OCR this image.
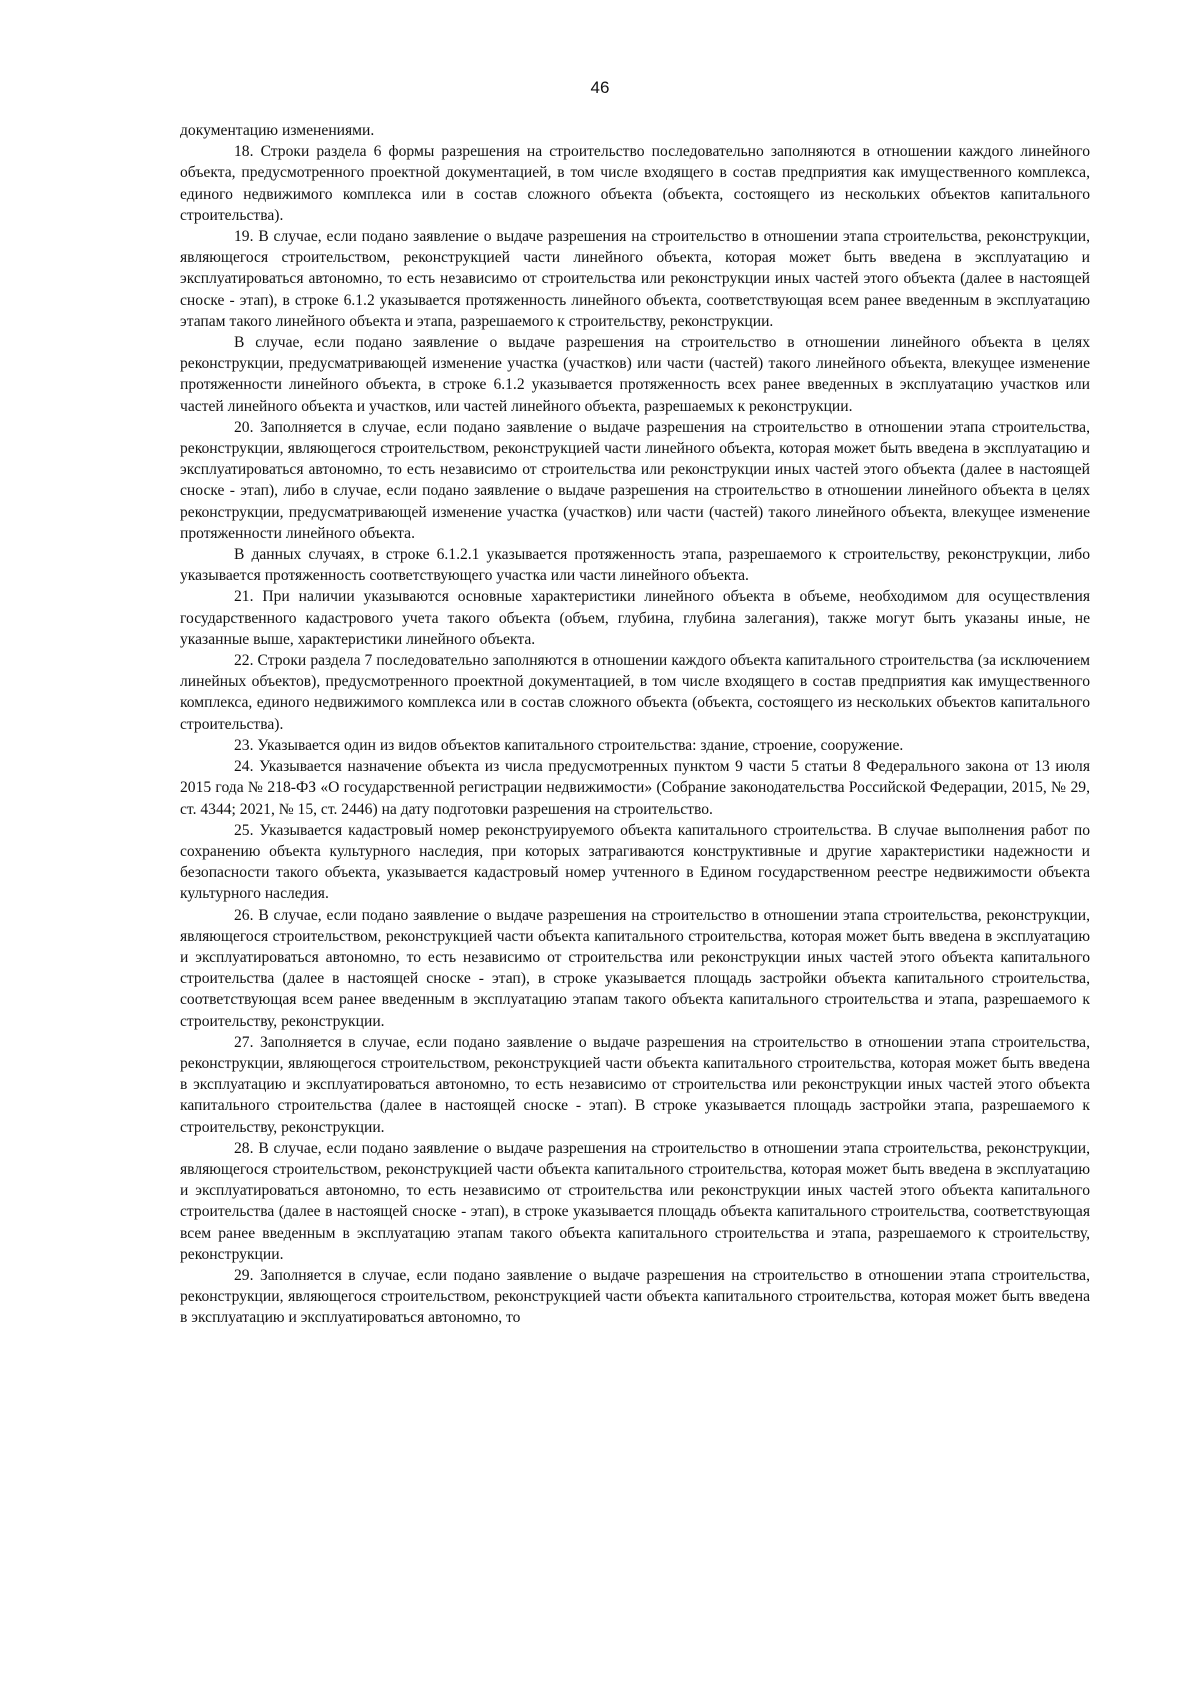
46

документацию изменениями.

18. Строки раздела 6 формы разрешения на строительство последовательно заполняются в отношении каждого линейного объекта, предусмотренного проектной документацией, в том числе входящего в состав предприятия как имущественного комплекса, единого недвижимого комплекса или в состав сложного объекта (объекта, состоящего из нескольких объектов капитального строительства).

19. В случае, если подано заявление о выдаче разрешения на строительство в отношении этапа строительства, реконструкции, являющегося строительством, реконструкцией части линейного объекта, которая может быть введена в эксплуатацию и эксплуатироваться автономно, то есть независимо от строительства или реконструкции иных частей этого объекта (далее в настоящей сноске - этап), в строке 6.1.2 указывается протяженность линейного объекта, соответствующая всем ранее введенным в эксплуатацию этапам такого линейного объекта и этапа, разрешаемого к строительству, реконструкции.

В случае, если подано заявление о выдаче разрешения на строительство в отношении линейного объекта в целях реконструкции, предусматривающей изменение участка (участков) или части (частей) такого линейного объекта, влекущее изменение протяженности линейного объекта, в строке 6.1.2 указывается протяженность всех ранее введенных в эксплуатацию участков или частей линейного объекта и участков, или частей линейного объекта, разрешаемых к реконструкции.

20. Заполняется в случае, если подано заявление о выдаче разрешения на строительство в отношении этапа строительства, реконструкции, являющегося строительством, реконструкцией части линейного объекта, которая может быть введена в эксплуатацию и эксплуатироваться автономно, то есть независимо от строительства или реконструкции иных частей этого объекта (далее в настоящей сноске - этап), либо в случае, если подано заявление о выдаче разрешения на строительство в отношении линейного объекта в целях реконструкции, предусматривающей изменение участка (участков) или части (частей) такого линейного объекта, влекущее изменение протяженности линейного объекта.

В данных случаях, в строке 6.1.2.1 указывается протяженность этапа, разрешаемого к строительству, реконструкции, либо указывается протяженность соответствующего участка или части линейного объекта.

21. При наличии указываются основные характеристики линейного объекта в объеме, необходимом для осуществления государственного кадастрового учета такого объекта (объем, глубина, глубина залегания), также могут быть указаны иные, не указанные выше, характеристики линейного объекта.

22. Строки раздела 7 последовательно заполняются в отношении каждого объекта капитального строительства (за исключением линейных объектов), предусмотренного проектной документацией, в том числе входящего в состав предприятия как имущественного комплекса, единого недвижимого комплекса или в состав сложного объекта (объекта, состоящего из нескольких объектов капитального строительства).

23. Указывается один из видов объектов капитального строительства: здание, строение, сооружение.

24. Указывается назначение объекта из числа предусмотренных пунктом 9 части 5 статьи 8 Федерального закона от 13 июля 2015 года № 218-ФЗ «О государственной регистрации недвижимости» (Собрание законодательства Российской Федерации, 2015, № 29, ст. 4344; 2021, № 15, ст. 2446) на дату подготовки разрешения на строительство.

25. Указывается кадастровый номер реконструируемого объекта капитального строительства. В случае выполнения работ по сохранению объекта культурного наследия, при которых затрагиваются конструктивные и другие характеристики надежности и безопасности такого объекта, указывается кадастровый номер учтенного в Едином государственном реестре недвижимости объекта культурного наследия.

26. В случае, если подано заявление о выдаче разрешения на строительство в отношении этапа строительства, реконструкции, являющегося строительством, реконструкцией части объекта капитального строительства, которая может быть введена в эксплуатацию и эксплуатироваться автономно, то есть независимо от строительства или реконструкции иных частей этого объекта капитального строительства (далее в настоящей сноске - этап), в строке указывается площадь застройки объекта капитального строительства, соответствующая всем ранее введенным в эксплуатацию этапам такого объекта капитального строительства и этапа, разрешаемого к строительству, реконструкции.

27. Заполняется в случае, если подано заявление о выдаче разрешения на строительство в отношении этапа строительства, реконструкции, являющегося строительством, реконструкцией части объекта капитального строительства, которая может быть введена в эксплуатацию и эксплуатироваться автономно, то есть независимо от строительства или реконструкции иных частей этого объекта капитального строительства (далее в настоящей сноске - этап). В строке указывается площадь застройки этапа, разрешаемого к строительству, реконструкции.

28. В случае, если подано заявление о выдаче разрешения на строительство в отношении этапа строительства, реконструкции, являющегося строительством, реконструкцией части объекта капитального строительства, которая может быть введена в эксплуатацию и эксплуатироваться автономно, то есть независимо от строительства или реконструкции иных частей этого объекта капитального строительства (далее в настоящей сноске - этап), в строке указывается площадь объекта капитального строительства, соответствующая всем ранее введенным в эксплуатацию этапам такого объекта капитального строительства и этапа, разрешаемого к строительству, реконструкции.

29. Заполняется в случае, если подано заявление о выдаче разрешения на строительство в отношении этапа строительства, реконструкции, являющегося строительством, реконструкцией части объекта капитального строительства, которая может быть введена в эксплуатацию и эксплуатироваться автономно, то
